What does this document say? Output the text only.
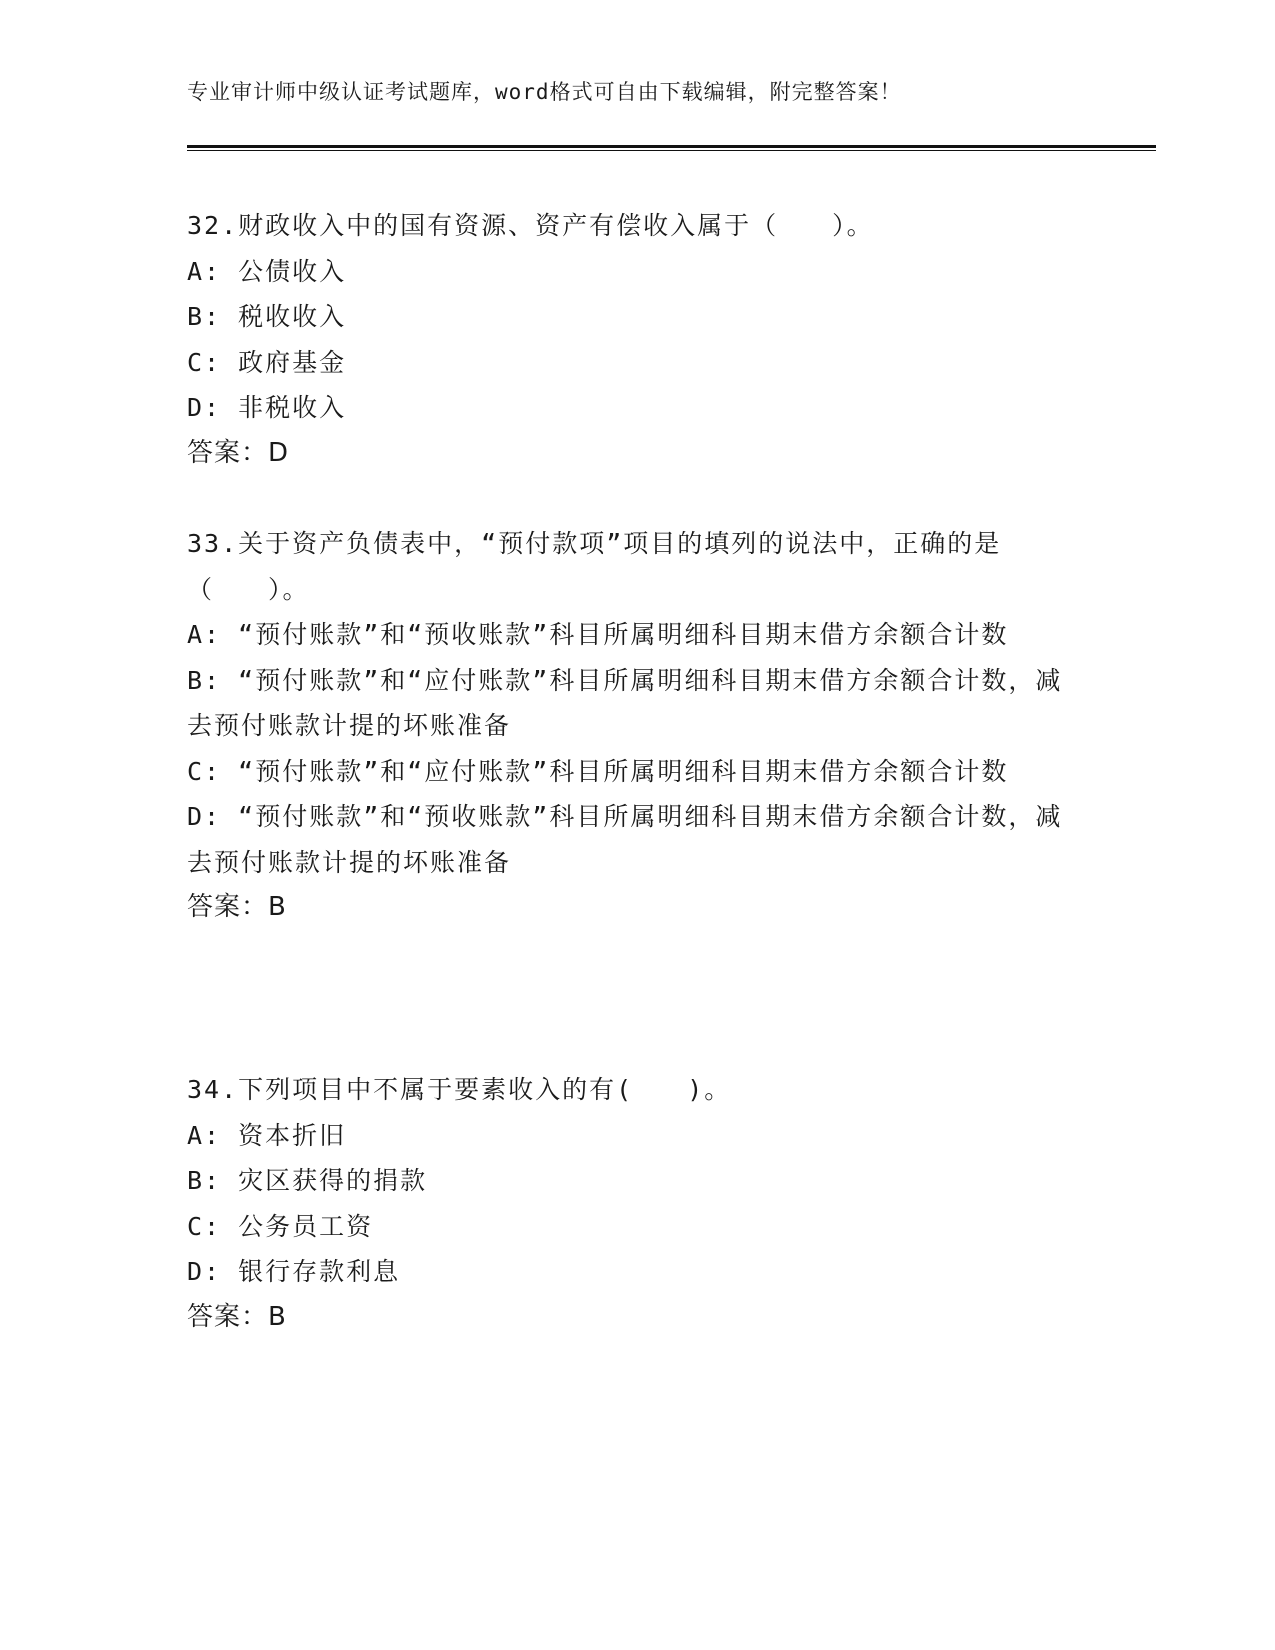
专业审计师中级认证考试题库，word格式可自由下载编辑，附完整答案！

32.财政收入中的国有资源、资产有偿收入属于（　　）。

A: 公债收入

B: 税收收入

C: 政府基金

D: 非税收入

答案：D

33.关于资产负债表中，“预付款项”项目的填列的说法中，正确的是（　　）。

A: “预付账款”和“预收账款”科目所属明细科目期末借方余额合计数

B: “预付账款”和“应付账款”科目所属明细科目期末借方余额合计数，减去预付账款计提的坏账准备

C: “预付账款”和“应付账款”科目所属明细科目期末借方余额合计数

D: “预付账款”和“预收账款”科目所属明细科目期末借方余额合计数，减去预付账款计提的坏账准备

答案：B

34.下列项目中不属于要素收入的有(　　)。

A: 资本折旧

B: 灾区获得的捐款

C: 公务员工资

D: 银行存款利息

答案：B
